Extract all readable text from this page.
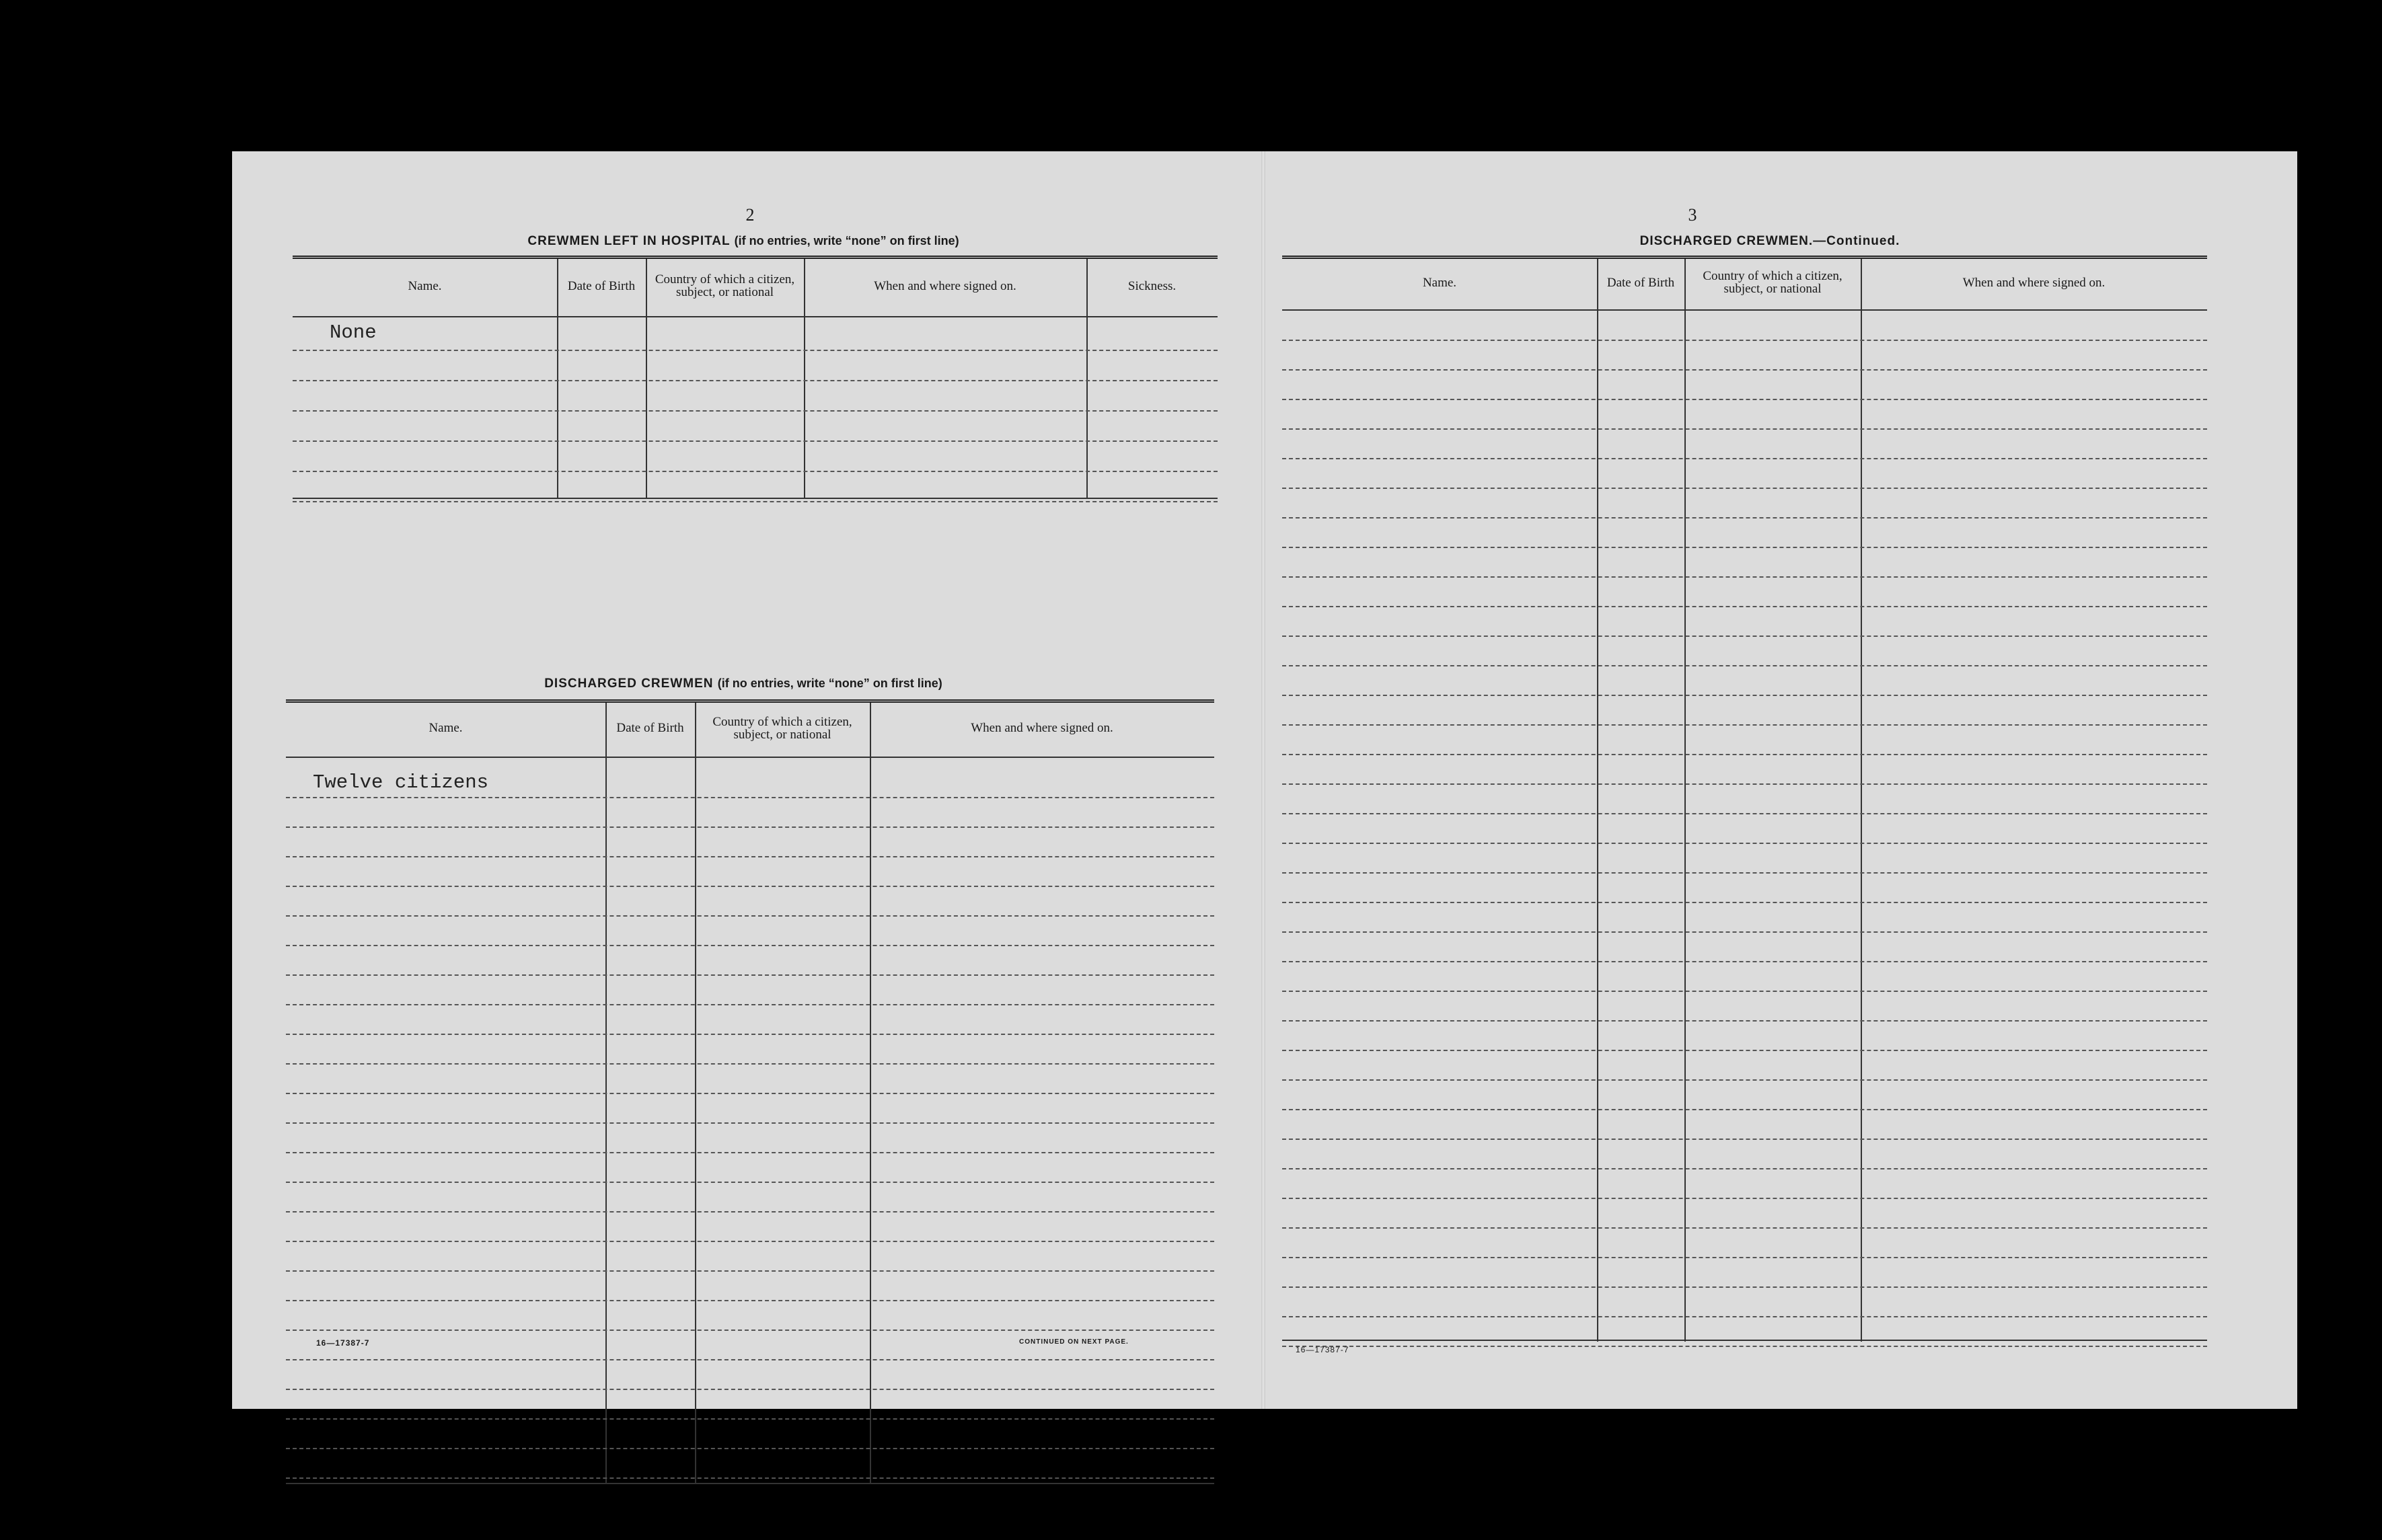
2
CREWMEN LEFT IN HOSPITAL (if no entries, write “none” on first line)
Name.	Date of Birth	Country of which a citizen, subject, or national	When and where signed on.	Sickness.
None
DISCHARGED CREWMEN (if no entries, write “none” on first line)
Name.	Date of Birth	Country of which a citizen, subject, or national	When and where signed on.
Twelve citizens
16—17387-7	CONTINUED ON NEXT PAGE.
3
DISCHARGED CREWMEN.—Continued.
Name.	Date of Birth	Country of which a citizen, subject, or national	When and where signed on.
16—17387-7
